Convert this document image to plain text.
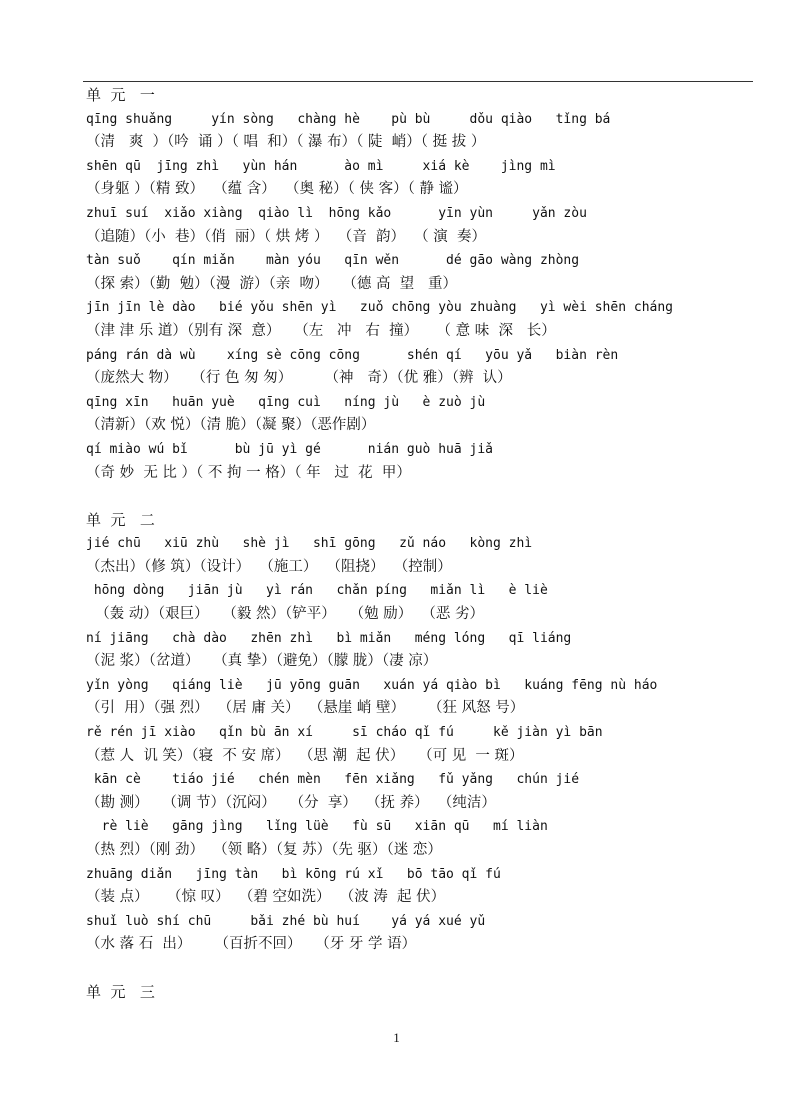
单  元   一
qīng shuǎng     yín sòng   chàng hè    pù bù     dǒu qiào   tǐng bá
（清   爽  ）（吟  诵 ）（ 唱  和）（ 瀑 布）（ 陡  峭）（ 挺 拔 ）
shēn qū  jīng zhì   yùn hán      ào mì     xiá kè    jìng mì
（身躯 ）（精 致）  （蕴 含）  （奥 秘）（ 侠 客）（ 静 谧）
zhuī suí  xiǎo xiàng  qiào lì  hōng kǎo      yīn yùn     yǎn zòu
（追随）（小  巷）（俏  丽）（ 烘 烤 ）  （音  韵）  （ 演  奏）
tàn suǒ    qín miǎn    màn yóu   qīn wěn      dé gāo wàng zhòng
（探 索）（勤  勉）（漫  游）（亲  吻）   （德 高  望   重）
jīn jīn lè dào   bié yǒu shēn yì   zuǒ chōng yòu zhuàng   yì wèi shēn cháng
（津 津 乐 道）（别有 深  意）   （左   冲   右  撞）    （ 意 味  深   长）
páng rán dà wù    xíng sè cōng cōng      shén qí   yōu yǎ   biàn rèn
（庞然大 物）   （行 色 匆 匆）       （神   奇）（优 雅）（辨  认）
qīng xīn   huān yuè   qīng cuì   níng jù   è zuò jù
（清新）（欢 悦）（清 脆）（凝 聚）（恶作剧）
qí miào wú bǐ      bù jū yì gé      nián guò huā jiǎ
（奇 妙  无 比 ）（ 不 拘 一 格）（ 年   过  花  甲）
单  元   二
jié chū   xiū zhù   shè jì   shī gōng   zǔ náo   kòng zhì
（杰出）（修 筑）（设计）  （施工）  （阻挠）  （控制）
hōng dòng   jiān jù   yì rán   chǎn píng   miǎn lì   è liè
（轰 动）（艰巨）   （毅 然）（铲平）   （勉 励）  （恶 劣）
ní jiāng   chà dào   zhēn zhì   bì miǎn   méng lóng   qī liáng
（泥 浆）（岔道）   （真 挚）（避免）（朦 胧）（凄 凉）
yǐn yòng   qiáng liè   jū yōng guān   xuán yá qiào bì   kuáng fēng nù háo
（引  用）（强 烈）  （居 庸 关）  （悬崖 峭 壁）     （狂 风怒 号）
rě rén jī xiào   qǐn bù ān xí     sī cháo qǐ fú     kě jiàn yì bān
（惹 人  讥 笑）（寝  不 安 席）  （思 潮  起 伏）   （可 见  一 斑）
kān cè    tiáo jié   chén mèn   fēn xiǎng   fǔ yǎng   chún jié
（勘 测）   （调 节）（沉闷）   （分  享）  （抚 养）  （纯洁）
rè liè   gāng jìng   lǐng lüè   fù sū   xiān qū   mí liàn
（热 烈）（刚 劲）  （领 略）（复 苏）（先 驱）（迷 恋）
zhuāng diǎn   jīng tàn   bì kōng rú xǐ   bō tāo qǐ fú
（装 点）    （惊 叹）  （碧 空如洗）  （波 涛  起 伏）
shuǐ luò shí chū     bǎi zhé bù huí    yá yá xué yǔ
（水 落 石  出）     （百折不回）   （牙 牙 学 语）
单  元   三
1
